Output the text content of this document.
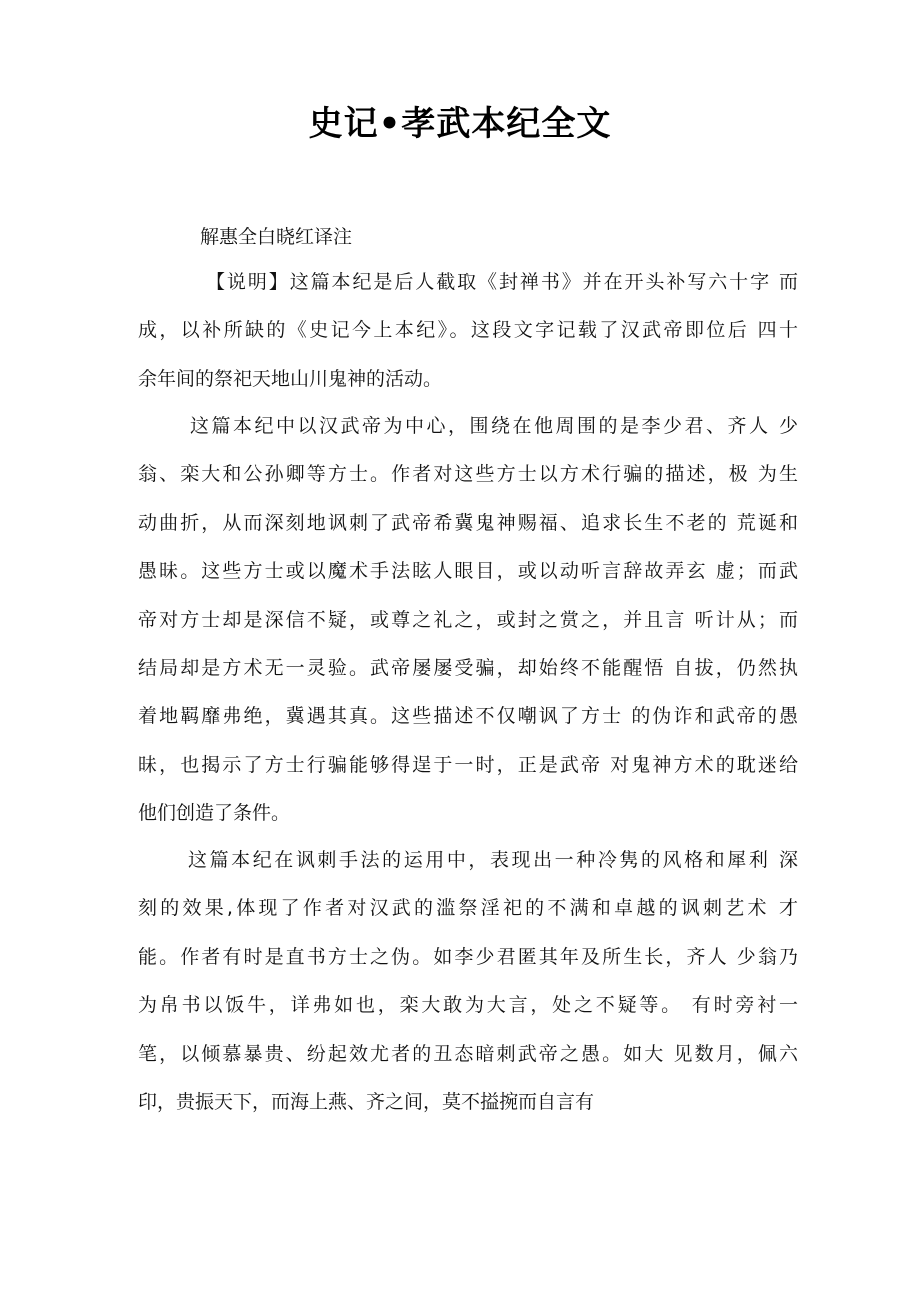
史记•孝武本纪全文

解惠全白晓红译注

【说明】这篇本纪是后人截取《封禅书》并在开头补写六十字 而
成，以补所缺的《史记今上本纪》。这段文字记载了汉武帝即位后 四十
余年间的祭祀天地山川鬼神的活动。
这篇本纪中以汉武帝为中心，围绕在他周围的是李少君、齐人 少
翁、栾大和公孙卿等方士。作者对这些方士以方术行骗的描述，极 为生
动曲折，从而深刻地讽刺了武帝希冀鬼神赐福、追求长生不老的 荒诞和
愚昧。这些方士或以魔术手法眩人眼目，或以动听言辞故弄玄 虚；而武
帝对方士却是深信不疑，或尊之礼之，或封之赏之，并且言 听计从；而
结局却是方术无一灵验。武帝屡屡受骗，却始终不能醒悟 自拔，仍然执
着地羁靡弗绝，冀遇其真。这些描述不仅嘲讽了方士 的伪诈和武帝的愚
昧，也揭示了方士行骗能够得逞于一时，正是武帝 对鬼神方术的耽迷给
他们创造了条件。
这篇本纪在讽刺手法的运用中，表现出一种冷隽的风格和犀利 深
刻的效果,体现了作者对汉武的滥祭淫祀的不满和卓越的讽刺艺术 才
能。作者有时是直书方士之伪。如李少君匿其年及所生长，齐人 少翁乃
为帛书以饭牛，详弗如也，栾大敢为大言，处之不疑等。 有时旁衬一
笔，以倾慕暴贵、纷起效尤者的丑态暗刺武帝之愚。如大 见数月，佩六
印，贵振天下，而海上燕、齐之间，莫不搤捥而自言有
